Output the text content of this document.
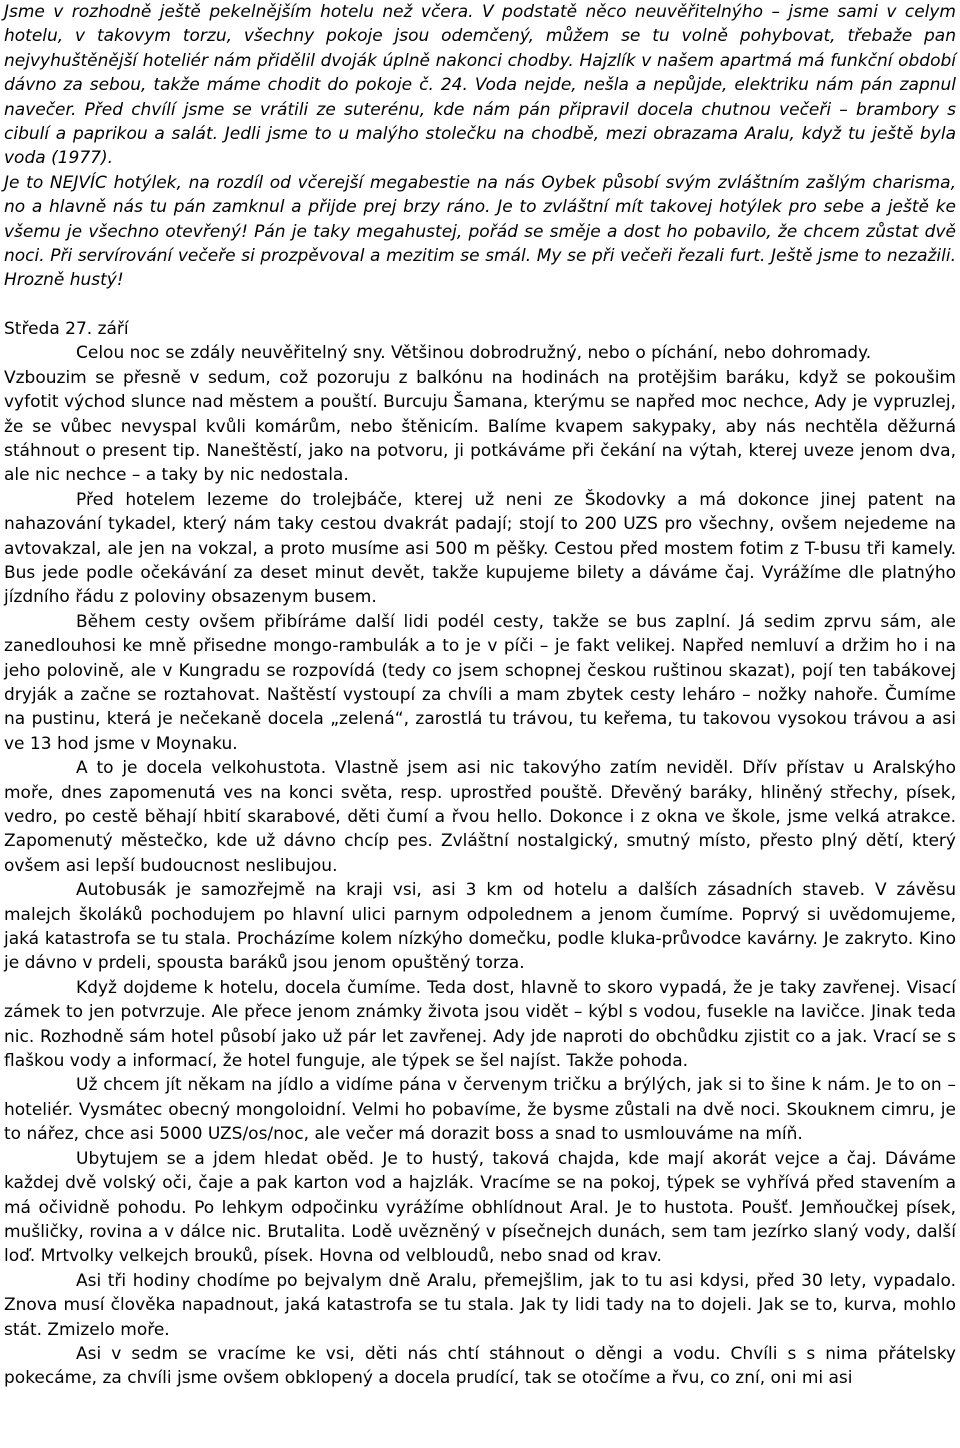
Jsme v rozhodně ještě pekelnějším hotelu než včera. V podstatě něco neuvěřitelnýho – jsme sami v celym hotelu, v takovym torzu, všechny pokoje jsou odemčený, můžem se tu volně pohybovat, třebaže pan nejvyhuštěnější hoteliér nám přidělil dvoják úplně nakonci chodby. Hajzlík v našem apartmá má funkční období dávno za sebou, takže máme chodit do pokoje č. 24. Voda nejde, nešla a nepůjde, elektriku nám pán zapnul navečer. Před chvílí jsme se vrátili ze suterénu, kde nám pán připravil docela chutnou večeři – brambory s cibulí a paprikou a salát. Jedli jsme to u malýho stolečku na chodbě, mezi obrazama Aralu, když tu ještě byla voda (1977).

Je to NEJVÍC hotýlek, na rozdíl od včerejší megabestie na nás Oybek působí svým zvláštním zašlým charisma, no a hlavně nás tu pán zamknul a přijde prej brzy ráno. Je to zvláštní mít takovej hotýlek pro sebe a ještě ke všemu je všechno otevřený! Pán je taky megahustej, pořád se směje a dost ho pobavilo, že chcem zůstat dvě noci. Při servírování večeře si prozpěvoval a mezitim se smál. My se při večeři řezali furt. Ještě jsme to nezažili. Hrozně hustý!

Středa 27. září

Celou noc se zdály neuvěřitelný sny. Většinou dobrodružný, nebo o píchání, nebo dohromady.

Vzbouzim se přesně v sedum, což pozoruju z balkónu na hodinách na protějšim baráku, když se pokoušim vyfotit východ slunce nad městem a pouští. Burcuju Šamana, kterýmu se napřed moc nechce, Ady je vypruzlej, že se vůbec nevyspal kvůli komárům, nebo štěnicím. Balíme kvapem sakypaky, aby nás nechtěla děžurná stáhnout o present tip. Naneštěstí, jako na potvoru, ji potkáváme při čekání na výtah, kterej uveze jenom dva, ale nic nechce – a taky by nic nedostala.

Před hotelem lezeme do trolejbáče, kterej už neni ze Škodovky a má dokonce jinej patent na nahazování tykadel, který nám taky cestou dvakrát padají; stojí to 200 UZS pro všechny, ovšem nejedeme na avtovakzal, ale jen na vokzal, a proto musíme asi 500 m pěšky. Cestou před mostem fotim z T-busu tři kamely. Bus jede podle očekávání za deset minut devět, takže kupujeme bilety a dáváme čaj. Vyrážíme dle platnýho jízdního řádu z poloviny obsazenym busem.

Během cesty ovšem přibíráme další lidi podél cesty, takže se bus zaplní. Já sedim zprvu sám, ale zanedlouhosi ke mně přisedne mongo-rambulák a to je v píči – je fakt velikej. Napřed nemluví a držim ho i na jeho polovině, ale v Kungradu se rozpovídá (tedy co jsem schopnej českou ruštinou skazat), pojí ten tabákovej dryják a začne se roztahovat. Naštěstí vystoupí za chvíli a mam zbytek cesty leháro – nožky nahoře. Čumíme na pustinu, která je nečekaně docela „zelená“, zarostlá tu trávou, tu keřema, tu takovou vysokou trávou a asi ve 13 hod jsme v Moynaku.

A to je docela velkohustota. Vlastně jsem asi nic takovýho zatím neviděl. Dřív přístav u Aralskýho moře, dnes zapomenutá ves na konci světa, resp. uprostřed pouště. Dřevěný baráky, hliněný střechy, písek, vedro, po cestě běhají hbití skarabové, děti čumí a řvou hello. Dokonce i z okna ve škole, jsme velká atrakce. Zapomenutý městečko, kde už dávno chcíp pes. Zvláštní nostalgický, smutný místo, přesto plný dětí, který ovšem asi lepší budoucnost neslibujou.

Autobusák je samozřejmě na kraji vsi, asi 3 km od hotelu a dalších zásadních staveb. V závěsu malejch školáků pochodujem po hlavní ulici parnym odpolednem a jenom čumíme. Poprvý si uvědomujeme, jaká katastrofa se tu stala. Procházíme kolem nízkýho domečku, podle kluka-průvodce kavárny. Je zakryto. Kino je dávno v prdeli, spousta baráků jsou jenom opuštěný torza.

Když dojdeme k hotelu, docela čumíme. Teda dost, hlavně to skoro vypadá, že je taky zavřenej. Visací zámek to jen potvrzuje. Ale přece jenom známky života jsou vidět – kýbl s vodou, fusekle na lavičce. Jinak teda nic. Rozhodně sám hotel působí jako už pár let zavřenej. Ady jde naproti do obchůdku zjistit co a jak. Vrací se s flaškou vody a informací, že hotel funguje, ale týpek se šel najíst. Takže pohoda.

Už chcem jít někam na jídlo a vidíme pána v červenym tričku a brýlých, jak si to šine k nám. Je to on – hoteliér. Vysmátec obecný mongoloidní. Velmi ho pobavíme, že bysme zůstali na dvě noci. Skouknem cimru, je to nářez, chce asi 5000 UZS/os/noc, ale večer má dorazit boss a snad to usmlouváme na míň.

Ubytujem se a jdem hledat oběd. Je to hustý, taková chajda, kde mají akorát vejce a čaj. Dáváme každej dvě volský oči, čaje a pak karton vod a hajzlák. Vracíme se na pokoj, týpek se vyhřívá před stavením a má očividně pohodu. Po lehkym odpočinku vyrážíme obhlídnout Aral. Je to hustota. Poušť. Jemňoučkej písek, mušličky, rovina a v dálce nic. Brutalita. Lodě uvězněný v písečnejch dunách, sem tam jezírko slaný vody, další loď. Mrtvolky velkejch brouků, písek. Hovna od velbloudů, nebo snad od krav.

Asi tři hodiny chodíme po bejvalym dně Aralu, přemejšlim, jak to tu asi kdysi, před 30 lety, vypadalo. Znova musí člověka napadnout, jaká katastrofa se tu stala. Jak ty lidi tady na to dojeli. Jak se to, kurva, mohlo stát. Zmizelo moře.

Asi v sedm se vracíme ke vsi, děti nás chtí stáhnout o děngi a vodu. Chvíli s s nima přátelsky pokecáme, za chvíli jsme ovšem obklopený a docela prudící, tak se otočíme a řvu, co zní, oni mi asi
